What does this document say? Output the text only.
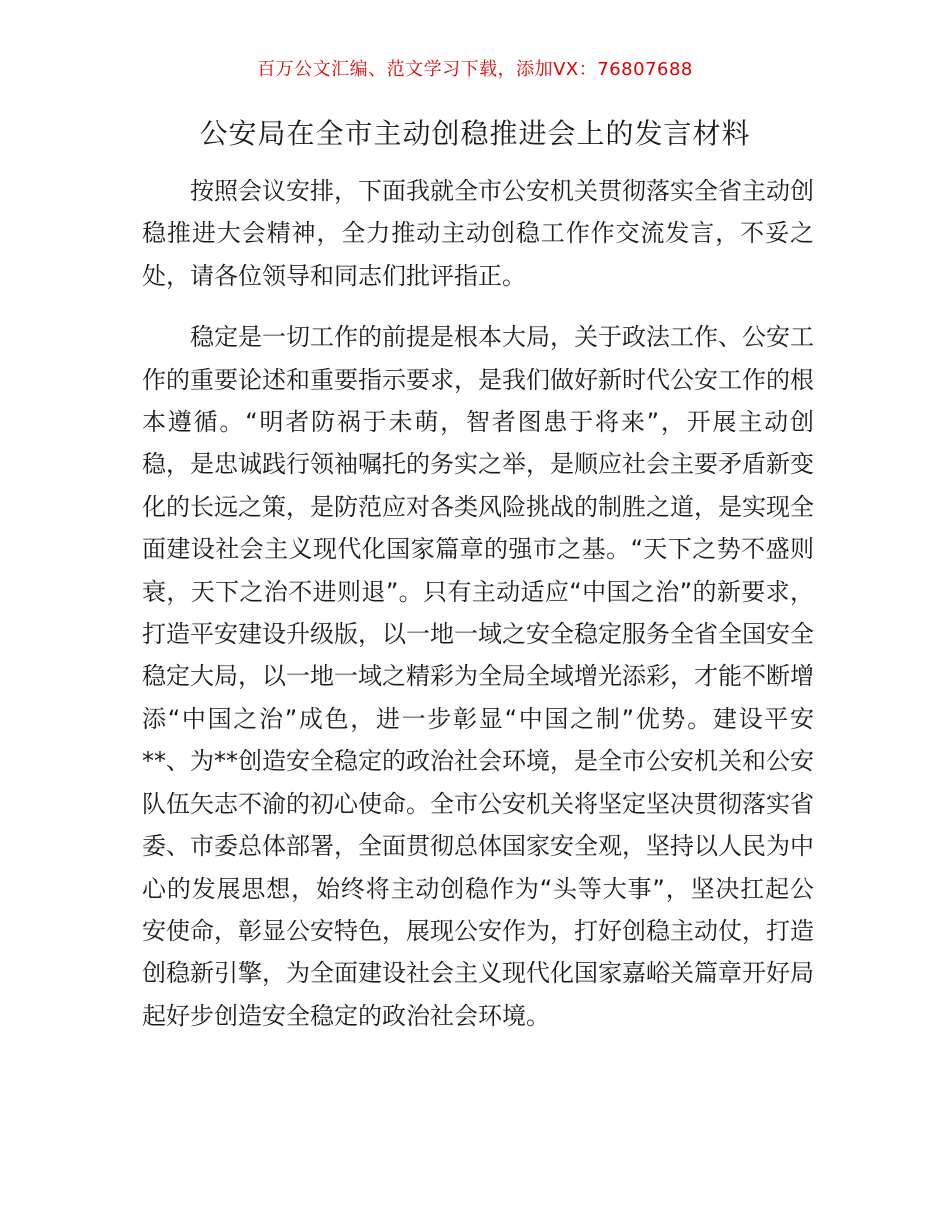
百万公文汇编、范文学习下载，添加VX：76807688
公安局在全市主动创稳推进会上的发言材料

按照会议安排，下面我就全市公安机关贯彻落实全省主动创稳推进大会精神，全力推动主动创稳工作作交流发言，不妥之处，请各位领导和同志们批评指正。

稳定是一切工作的前提是根本大局，关于政法工作、公安工作的重要论述和重要指示要求，是我们做好新时代公安工作的根本遵循。“明者防祸于未萌，智者图患于将来”，开展主动创稳，是忠诚践行领袖嘱托的务实之举，是顺应社会主要矛盾新变化的长远之策，是防范应对各类风险挑战的制胜之道，是实现全面建设社会主义现代化国家篇章的强市之基。“天下之势不盛则衰，天下之治不进则退”。只有主动适应“中国之治”的新要求，打造平安建设升级版，以一地一域之安全稳定服务全省全国安全稳定大局，以一地一域之精彩为全局全域增光添彩，才能不断增添“中国之治”成色，进一步彰显“中国之制”优势。建设平安**、为**创造安全稳定的政治社会环境，是全市公安机关和公安队伍矢志不渝的初心使命。全市公安机关将坚定坚决贯彻落实省委、市委总体部署，全面贯彻总体国家安全观，坚持以人民为中心的发展思想，始终将主动创稳作为“头等大事”，坚决扛起公安使命，彰显公安特色，展现公安作为，打好创稳主动仗，打造创稳新引擎，为全面建设社会主义现代化国家嘉峪关篇章开好局起好步创造安全稳定的政治社会环境。
